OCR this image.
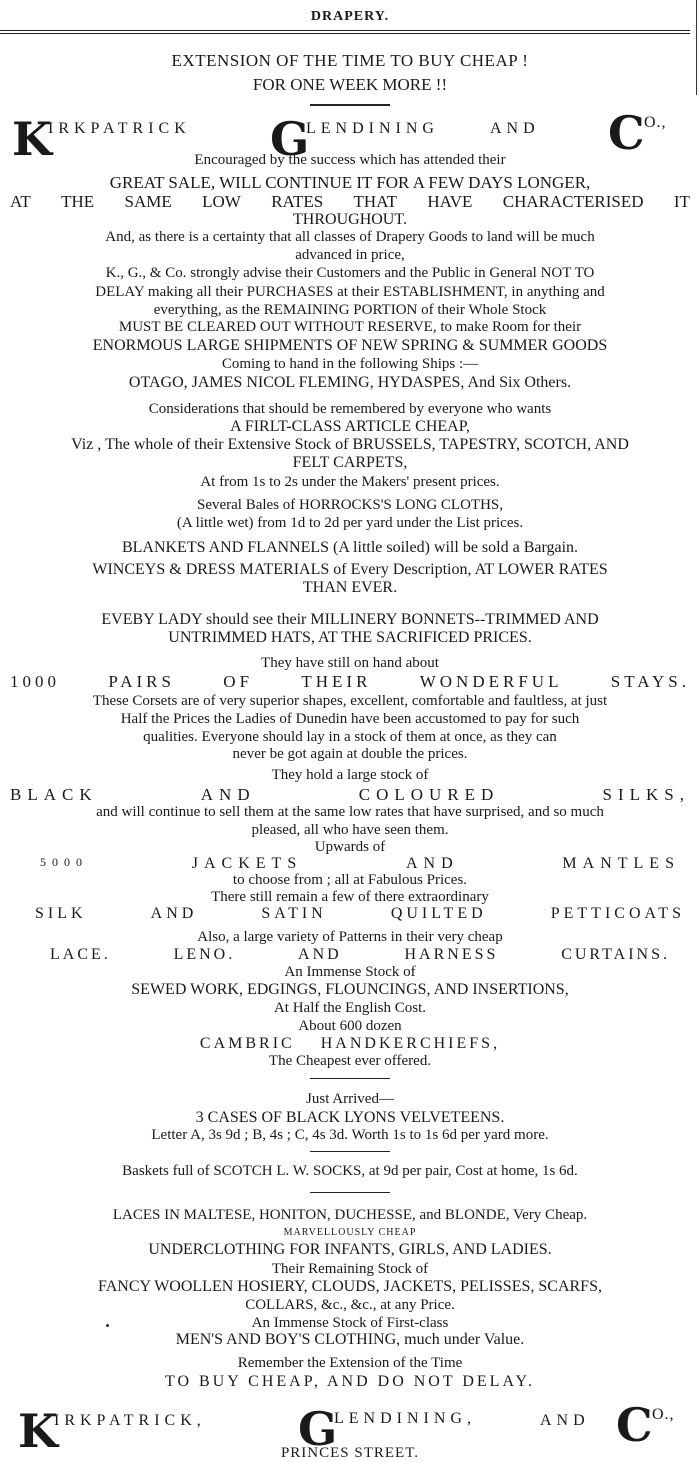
DRAPERY.
EXTENSION OF THE TIME TO BUY CHEAP !
FOR ONE WEEK MORE !!
K
IRKPATRICK G
LENDINING	AND C O.,
Encouraged by the success which has attended their
GREAT SALE, WILL CONTINUE IT FOR A FEW DAYS LONGER,
AT THE SAME LOW RATES THAT HAVE CHARACTERISED IT
THROUGHOUT.
And, as there is a certainty that all classes of Drapery Goods to land will be much
advanced in price,
K., G., & Co. strongly advise their Customers and the Public in General NOT TO
DELAY making all their PURCHASES at their ESTABLISHMENT, in anything and
everything, as the REMAINING PORTION of their Whole Stock
MUST BE CLEARED OUT WITHOUT RESERVE, to make Room for their
ENORMOUS LARGE SHIPMENTS OF NEW SPRING & SUMMER GOODS
Coming to hand in the following Ships :—
OTAGO, JAMES NICOL FLEMING, HYDASPES, And Six Others.
Considerations that should be remembered by everyone who wants
A FIRLT-CLASS ARTICLE CHEAP,
Viz , The whole of their Extensive Stock of BRUSSELS, TAPESTRY, SCOTCH, AND
FELT CARPETS,
At from 1s to 2s under the Makers' present prices.
Several Bales of HORROCKS'S LONG CLOTHS,
(A little wet) from 1d to 2d per yard under the List prices.
BLANKETS AND FLANNELS (A little soiled) will be sold a Bargain.
WINCEYS & DRESS MATERIALS of Every Description, AT LOWER RATES
THAN EVER.
EVEBY LADY should see their MILLINERY BONNETS--TRIMMED AND
UNTRIMMED HATS, AT THE SACRIFICED PRICES.
They have still on hand about
1000	PAIRS	OF	THEIR	WONDERFUL	STAYS.
These Corsets are of very superior shapes, excellent, comfortable and faultless, at just
Half the Prices the Ladies of Dunedin have been accustomed to pay for such
qualities. Everyone should lay in a stock of them at once, as they can
never be got again at double the prices.
They hold a large stock of
BLACK	AND	COLOURED	SILKS,
and will continue to sell them at the same low rates that have surprised, and so much
pleased, all who have seen them.
Upwards of
5000	JACKETS	AND	MANTLES
to choose from ; all at Fabulous Prices.
There still remain a few of there extraordinary
SILK	AND	SATIN	QUILTED	PETTICOATS
Also, a large variety of Patterns in their very cheap
LACE.	LENO.	AND	HARNESS	CURTAINS.
An Immense Stock of
SEWED WORK, EDGINGS, FLOUNCINGS, AND INSERTIONS,
At Half the English Cost.
About 600 dozen
CAMBRIC HANDKERCHIEFS,
The Cheapest ever offered.
Just Arrived—
3 CASES OF BLACK LYONS VELVETEENS.
Letter A, 3s 9d ; B, 4s ; C, 4s 3d. Worth 1s to 1s 6d per yard more.
Baskets full of SCOTCH L. W. SOCKS, at 9d per pair, Cost at home, 1s 6d.
LACES IN MALTESE, HONITON, DUCHESSE, and BLONDE, Very Cheap.
MARVELLOUSLY CHEAP
UNDERCLOTHING FOR INFANTS, GIRLS, AND LADIES.
Their Remaining Stock of
FANCY WOOLLEN HOSIERY, CLOUDS, JACKETS, PELISSES, SCARFS,
COLLARS, &c., &c., at any Price.
An Immense Stock of First-class
MEN'S AND BOY'S CLOTHING, much under Value.
Remember the Extension of the Time
TO BUY CHEAP, AND DO NOT DELAY.
K
IRKPATRICK, G
LENDINING,	AND C O.,
PRINCES STREET.
